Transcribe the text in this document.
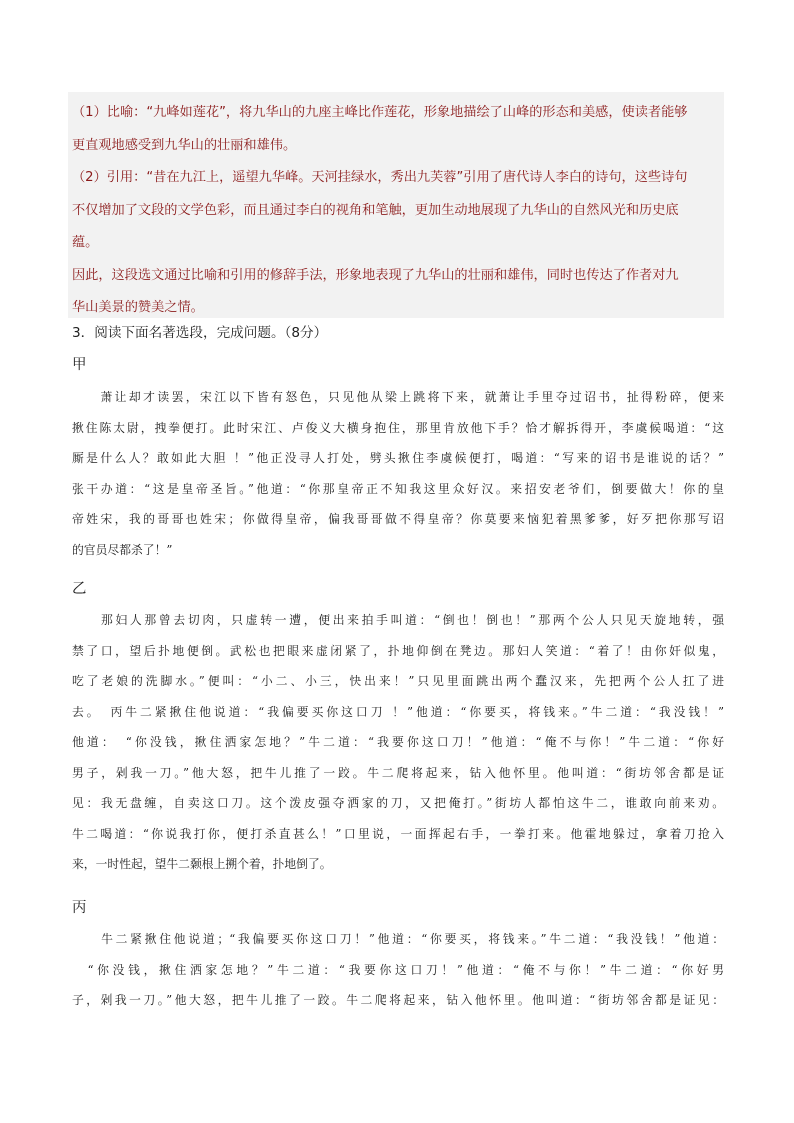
（1）比喻：“九峰如莲花”，将九华山的九座主峰比作莲花，形象地描绘了山峰的形态和美感，使读者能够
更直观地感受到九华山的壮丽和雄伟。
（2）引用：“昔在九江上，遥望九华峰。天河挂绿水，秀出九芙蓉”引用了唐代诗人李白的诗句，这些诗句
不仅增加了文段的文学色彩，而且通过李白的视角和笔触，更加生动地展现了九华山的自然风光和历史底
蕴。
因此，这段选文通过比喻和引用的修辞手法，形象地表现了九华山的壮丽和雄伟，同时也传达了作者对九
华山美景的赞美之情。
3．阅读下面名著选段，完成问题。（8分）
甲
　　萧让却才读罢，宋江以下皆有怒色，只见他从梁上跳将下来，就萧让手里夺过诏书，扯得粉碎，便来
揪住陈太尉，拽拳便打。此时宋江、卢俊义大横身抱住，那里肯放他下手？恰才解拆得开，李虞候喝道：“这
厮是什么人？敢如此大胆 ！”他正没寻人打处，劈头揪住李虞候便打，喝道：“写来的诏书是谁说的话？”
张干办道：“这是皇帝圣旨。”他道：“你那皇帝正不知我这里众好汉。来招安老爷们，倒要做大！你的皇
帝姓宋，我的哥哥也姓宋；你做得皇帝，偏我哥哥做不得皇帝？你莫要来恼犯着黑爹爹，好歹把你那写诏
的官员尽都杀了！”
乙
　　那妇人那曾去切肉，只虚转一遭，便出来拍手叫道：“倒也！倒也！”那两个公人只见天旋地转，强
禁了口，望后扑地便倒。武松也把眼来虚闭紧了，扑地仰倒在凳边。那妇人笑道：“着了！由你奸似鬼，
吃了老娘的洗脚水。”便叫：“小二、小三，快出来！”只见里面跳出两个蠢汉来，先把两个公人扛了进
去。　丙牛二紧揪住他说道：“我偏要买你这口刀 ！”他道：“你要买，将钱来。”牛二道：“我没钱！”
他道：　“你没钱，揪住洒家怎地？”牛二道：“我要你这口刀！”他道：“俺不与你！”牛二道：“你好
男子，剁我一刀。”他大怒，把牛儿推了一跤。牛二爬将起来，钻入他怀里。他叫道：“街坊邻舍都是证
见：我无盘缠，自卖这口刀。这个泼皮强夺洒家的刀，又把俺打。”街坊人都怕这牛二，谁敢向前来劝。
牛二喝道：“你说我打你，便打杀直甚么！”口里说，一面挥起右手，一拳打来。他霍地躲过，拿着刀抢入
来，一时性起，望牛二颡根上搠个着，扑地倒了。
丙
　　牛二紧揪住他说道；“我偏要买你这口刀！”他道：“你要买，将钱来。”牛二道：“我没钱！”他道：
　“你没钱，揪住洒家怎地？”牛二道：“我要你这口刀！”他道：“俺不与你！”牛二道：“你好男
子，剁我一刀。”他大怒，把牛儿推了一跤。牛二爬将起来，钻入他怀里。他叫道：“街坊邻舍都是证见：
